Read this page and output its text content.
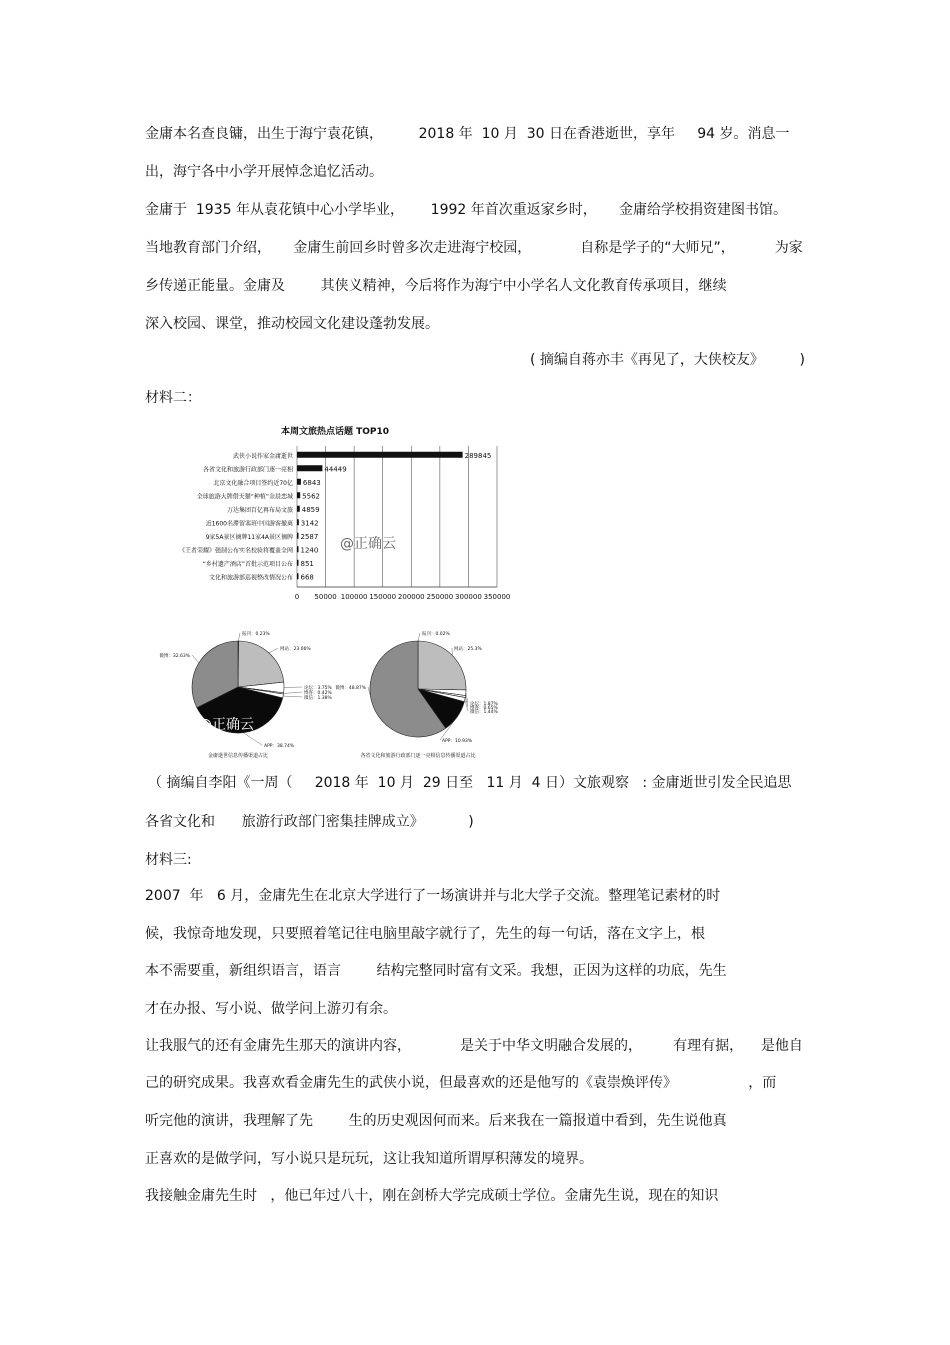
金庸本名查良镛，出生于海宁袁花镇，        2018 年  10 月  30 日在香港逝世，享年     94 岁。消息一
出，海宁各中小学开展悼念追忆活动。
金庸于  1935 年从袁花镇中心小学毕业，      1992 年首次重返家乡时，     金庸给学校捐资建图书馆。
当地教育部门介绍，     金庸生前回乡时曾多次走进海宁校园，           自称是学子的“大师兄”，         为家
乡传递正能量。金庸及        其侠义精神，今后将作为海宁中小学名人文化教育传承项目，继续
深入校园、课堂，推动校园文化建设蓬勃发展。
( 摘编自蒋亦丰《再见了，大侠校友》        )
材料二：
本周文旅热点话题 TOP10
0 50000 100000 150000 200000 250000 300000 350000
武侠小说作家金庸逝世	289845
各省文化和旅游行政部门逐一亮相	44449
北京文化融合项目签约近70亿 6843
全球旅游大牌借天猫“种植”金晨恋城 5562
万达集团百亿再布局文旅 4859
近1600名滞留塞班中国游客撤离 3142
9家5A景区摘牌11家4A景区摘牌 2587
《王者荣耀》强制公布实名校验将覆盖全网 1240
“乡村遗产酒店”首批示范项目公布 851
文化和旅游部巡视整改情况公布 668
@正确云
报刊：0.23%
网站：23.06%
论坛：3.75%
博客：0.42%
微信：1.38%
APP：38.74%
微博：32.63%
金庸逝世信息传播渠道占比
@正确云
报刊：0.02%
网站：25.3%
论坛：1.87%
博客：0.65%
微信：1.44%
APP：10.93%
微博：48.87%
各省文化和旅游行政部门逐一亮相信息传播渠道占比
（ 摘编自李阳《一周（     2018 年  10 月  29 日至   11 月  4 日）文旅观察   : 金庸逝世引发全民追思
各省文化和      旅游行政部门密集挂牌成立》          )
材料三:
2007  年   6 月，金庸先生在北京大学进行了一场演讲并与北大学子交流。整理笔记素材的时
候，我惊奇地发现，只要照着笔记往电脑里敲字就行了，先生的每一句话，落在文字上，根
本不需要重，新组织语言，语言        结构完整同时富有文采。我想，正因为这样的功底，先生
才在办报、写小说、做学问上游刃有余。
让我服气的还有金庸先生那天的演讲内容，           是关于中华文明融合发展的，       有理有据，    是他自
己的研究成果。我喜欢看金庸先生的武侠小说，但最喜欢的还是他写的《袁崇焕评传》                ，而
听完他的演讲，我理解了先        生的历史观因何而来。后来我在一篇报道中看到，先生说他真
正喜欢的是做学问，写小说只是玩玩，这让我知道所谓厚积薄发的境界。
我接触金庸先生时   ，他已年过八十，刚在剑桥大学完成硕士学位。金庸先生说，现在的知识
